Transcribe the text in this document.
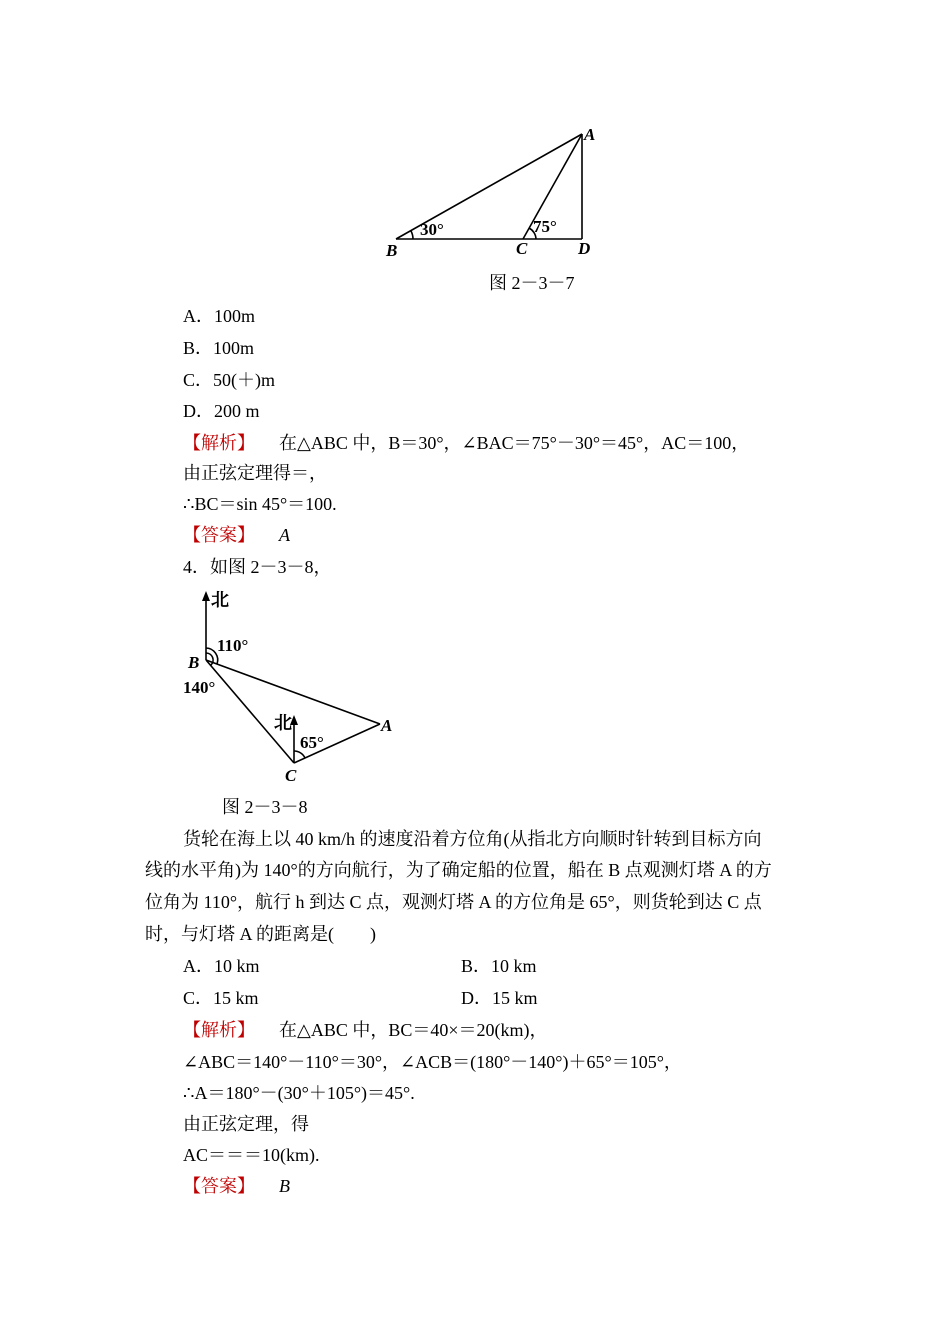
A
B	C	D
30°	75°
图 2－3－7
A．100m
B．100m
C．50(＋)m
D．200 m
【解析】 在△ABC 中，B＝30°，∠BAC＝75°－30°＝45°，AC＝100，
由正弦定理得＝，
∴BC＝sin 45°＝100.
【答案】 A
4．如图 2－3－8，
北
110°
B
140°
北
65°
A
C
图 2－3－8
货轮在海上以 40 km/h 的速度沿着方位角(从指北方向顺时针转到目标方向
线的水平角)为 140°的方向航行，为了确定船的位置，船在 B 点观测灯塔 A 的方
位角为 110°，航行 h 到达 C 点，观测灯塔 A 的方位角是 65°，则货轮到达 C 点
时，与灯塔 A 的距离是(　　)
A．10 km	B．10 km
C．15 km	D．15 km
【解析】 在△ABC 中，BC＝40×＝20(km)，
∠ABC＝140°－110°＝30°，∠ACB＝(180°－140°)＋65°＝105°，
∴A＝180°－(30°＋105°)＝45°.
由正弦定理，得
AC＝＝＝10(km).
【答案】 B
